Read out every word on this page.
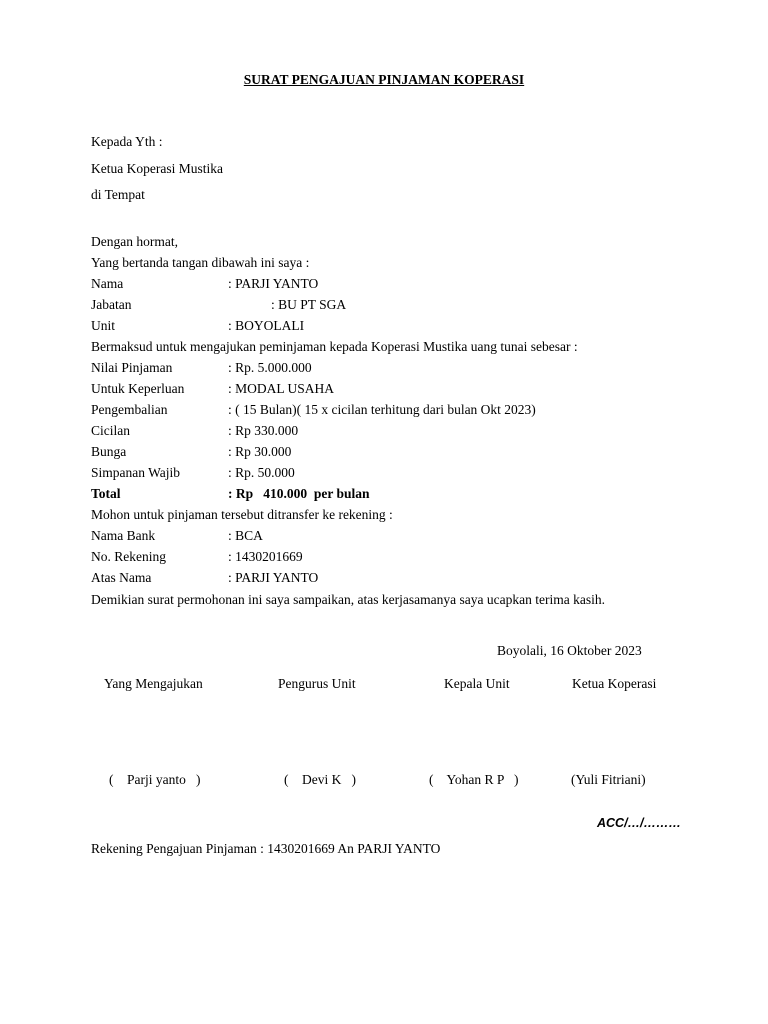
SURAT PENGAJUAN PINJAMAN KOPERASI
Kepada Yth :
Ketua Koperasi Mustika
di Tempat
Dengan hormat,
Yang bertanda tangan dibawah ini saya :
Nama	: PARJI YANTO
Jabatan	: BU PT SGA
Unit	: BOYOLALI
Bermaksud untuk mengajukan peminjaman kepada Koperasi Mustika uang tunai sebesar :
Nilai Pinjaman	: Rp. 5.000.000
Untuk Keperluan	: MODAL USAHA
Pengembalian	: ( 15 Bulan)( 15 x cicilan terhitung dari bulan Okt 2023)
Cicilan	: Rp 330.000
Bunga	: Rp 30.000
Simpanan Wajib	: Rp. 50.000
Total	: Rp   410.000  per bulan
Mohon untuk pinjaman tersebut ditransfer ke rekening :
Nama Bank	: BCA
No. Rekening	: 1430201669
Atas Nama	: PARJI YANTO
Demikian surat permohonan ini saya sampaikan, atas kerjasamanya saya ucapkan terima kasih.
Boyolali, 16 Oktober 2023
Yang Mengajukan	Pengurus Unit	Kepala Unit	Ketua Koperasi
(    Parji yanto   )	(    Devi K   )	(    Yohan R P   )	(Yuli Fitriani)
ACC/…/………
Rekening Pengajuan Pinjaman : 1430201669 An PARJI YANTO
